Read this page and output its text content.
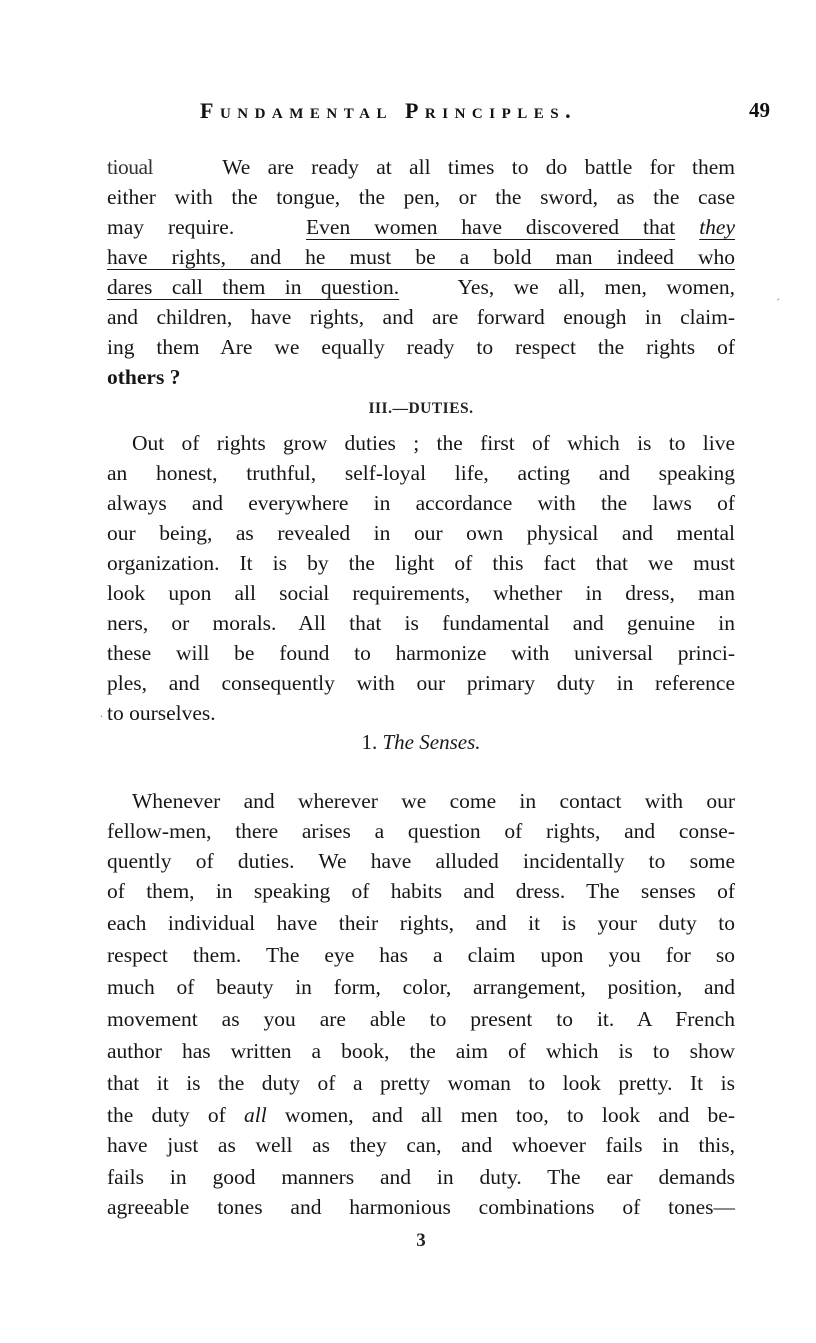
Fundamental Principles.	49
tioual	We are ready at all times to do battle for them
either with the tongue, the pen, or the sword, as the case
may require.	Even women have discovered that they
have rights, and he must be a bold man indeed who
dares call them in question.	Yes, we all, men, women,
and children, have rights, and are forward enough in claim-
ing them Are we equally ready to respect the rights of
others ?
III.—DUTIES.
Out of rights grow duties ; the first of which is to live
an honest, truthful, self-loyal life, acting and speaking
always and everywhere in accordance with the laws of
our being, as revealed in our own physical and mental
organization. It is by the light of this fact that we must
look upon all social requirements, whether in dress, man
ners, or morals. All that is fundamental and genuine in
these will be found to harmonize with universal princi-
ples, and consequently with our primary duty in reference
to ourselves.
1. The Senses.
Whenever and wherever we come in contact with our
fellow-men, there arises a question of rights, and conse-
quently of duties. We have alluded incidentally to some
of them, in speaking of habits and dress. The senses of
each individual have their rights, and it is your duty to
respect them. The eye has a claim upon you for so
much of beauty in form, color, arrangement, position, and
movement as you are able to present to it. A French
author has written a book, the aim of which is to show
that it is the duty of a pretty woman to look pretty. It is
the duty of all women, and all men too, to look and be-
have just as well as they can, and whoever fails in this,
fails in good manners and in duty. The ear demands
agreeable tones and harmonious combinations of tones—
3
ˊ
.
